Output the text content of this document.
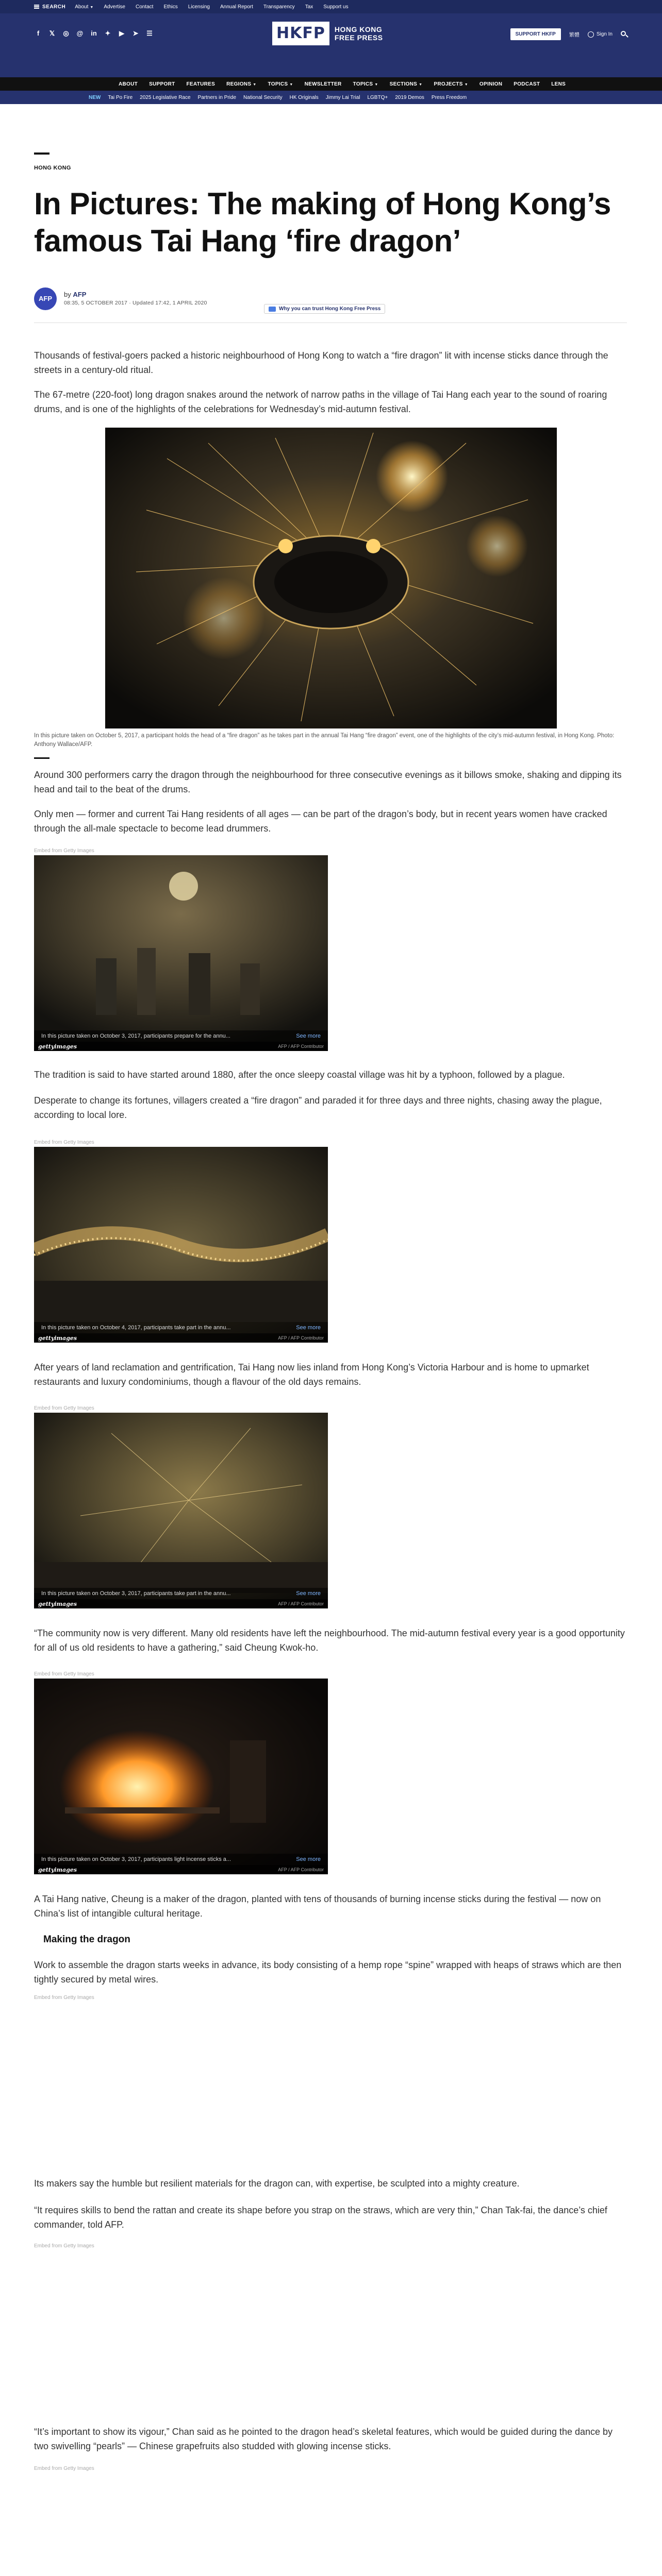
SEARCH About ▼ Advertise Contact Ethics Licensing Annual Report Transparency Tax Support us
f	𝕏 ◎ @ in ✦ ▶ ➤ ☰	HKFP	HONG KONG
FREE PRESS	SUPPORT HKFP	繁體	Sign In
ABOUT SUPPORT FEATURES REGIONS ▼ TOPICS ▼ NEWSLETTER TOPICS ▼ SECTIONS ▼ PROJECTS ▼ OPINION PODCAST LENS
NEW Tai Po Fire 2025 Legislative Race Partners in Pride National Security HK Originals Jimmy Lai Trial LGBTQ+ 2019 Demos Press Freedom
HONG KONG
In Pictures: The making of Hong Kong’s famous Tai Hang ‘fire dragon’
AFP
by AFP
08:35, 5 OCTOBER 2017 · Updated 17:42, 1 APRIL 2020
Why you can trust Hong Kong Free Press

Thousands of festival-goers packed a historic neighbourhood of Hong Kong to watch a “fire dragon” lit with incense sticks dance through the streets in a century-old ritual.

The 67-metre (220-foot) long dragon snakes around the network of narrow paths in the village of Tai Hang each year to the sound of roaring drums, and is one of the highlights of the celebrations for Wednesday’s mid-autumn festival.

In this picture taken on October 5, 2017, a participant holds the head of a “fire dragon” as he takes part in the annual Tai Hang “fire dragon” event, one of the highlights of the city’s mid-autumn festival, in Hong Kong. Photo: Anthony Wallace/AFP.

Around 300 performers carry the dragon through the neighbourhood for three consecutive evenings as it billows smoke, shaking and dipping its head and tail to the beat of the drums.

Only men — former and current Tai Hang residents of all ages — can be part of the dragon’s body, but in recent years women have cracked through the all-male spectacle to become lead drummers.

Embed from Getty Images
In this picture taken on October 3, 2017, participants prepare for the annu...	See more
gettyimages	AFP / AFP Contributor

The tradition is said to have started around 1880, after the once sleepy coastal village was hit by a typhoon, followed by a plague.

Desperate to change its fortunes, villagers created a “fire dragon” and paraded it for three days and three nights, chasing away the plague, according to local lore.

Embed from Getty Images
In this picture taken on October 4, 2017, participants take part in the annu...	See more
gettyimages	AFP / AFP Contributor

After years of land reclamation and gentrification, Tai Hang now lies inland from Hong Kong’s Victoria Harbour and is home to upmarket restaurants and luxury condominiums, though a flavour of the old days remains.

Embed from Getty Images
In this picture taken on October 3, 2017, participants take part in the annu...	See more
gettyimages	AFP / AFP Contributor

“The community now is very different. Many old residents have left the neighbourhood. The mid-autumn festival every year is a good opportunity for all of us old residents to have a gathering,” said Cheung Kwok-ho.

Embed from Getty Images
In this picture taken on October 3, 2017, participants light incense sticks a...	See more
gettyimages	AFP / AFP Contributor

A Tai Hang native, Cheung is a maker of the dragon, planted with tens of thousands of burning incense sticks during the festival — now on China’s list of intangible cultural heritage.

Making the dragon

Work to assemble the dragon starts weeks in advance, its body consisting of a hemp rope “spine” wrapped with heaps of straws which are then tightly secured by metal wires.

Embed from Getty Images

Its makers say the humble but resilient materials for the dragon can, with expertise, be sculpted into a mighty creature.

“It requires skills to bend the rattan and create its shape before you strap on the straws, which are very thin,” Chan Tak-fai, the dance’s chief commander, told AFP.

Embed from Getty Images

“It’s important to show its vigour,” Chan said as he pointed to the dragon head’s skeletal features, which would be guided during the dance by two swivelling “pearls” — Chinese grapefruits also studded with glowing incense sticks.

Embed from Getty Images
